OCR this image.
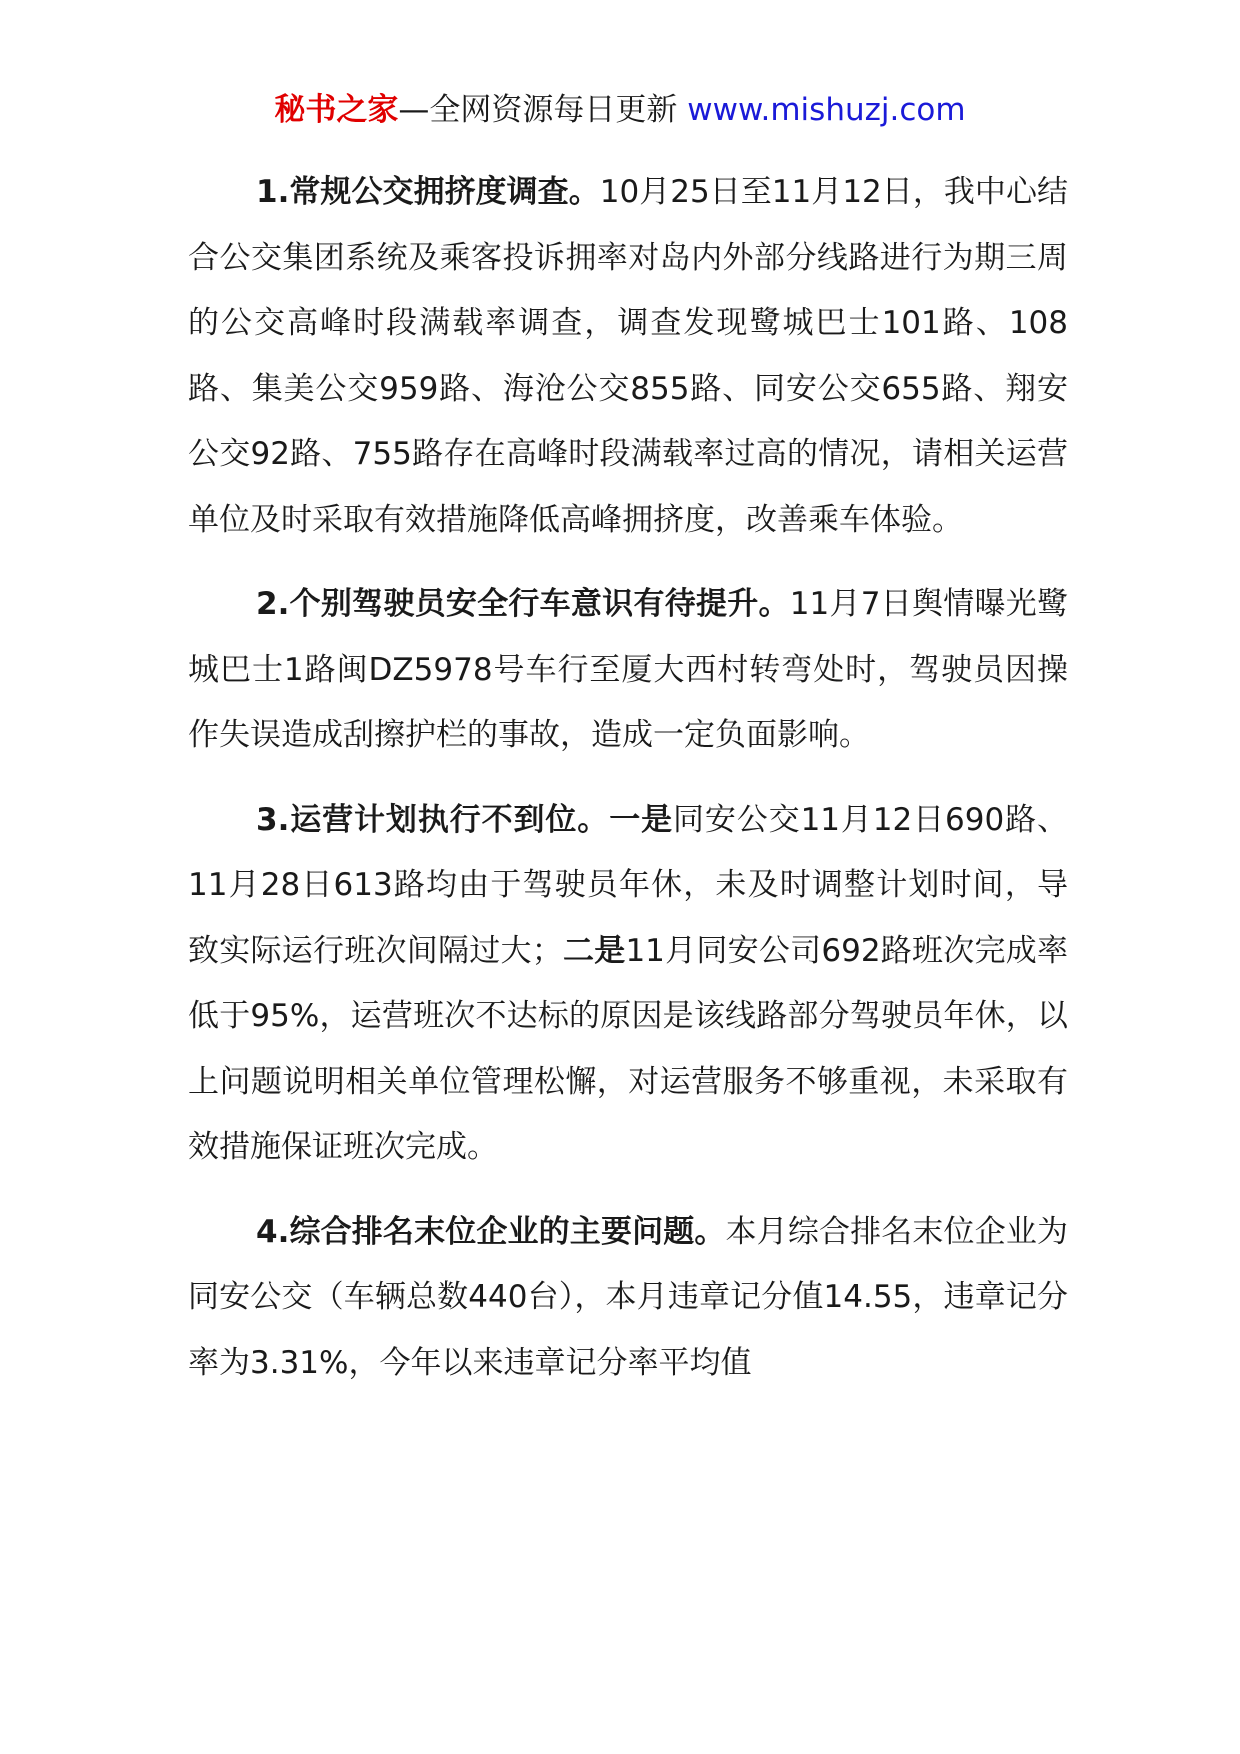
秘书之家—全网资源每日更新 www.mishuzj.com

1.常规公交拥挤度调查。10月25日至11月12日，我中心结合公交集团系统及乘客投诉拥率对岛内外部分线路进行为期三周的公交高峰时段满载率调查，调查发现鹭城巴士101路、108路、集美公交959路、海沧公交855路、同安公交655路、翔安公交92路、755路存在高峰时段满载率过高的情况，请相关运营单位及时采取有效措施降低高峰拥挤度，改善乘车体验。

2.个别驾驶员安全行车意识有待提升。11月7日舆情曝光鹭城巴士1路闽DZ5978号车行至厦大西村转弯处时，驾驶员因操作失误造成刮擦护栏的事故，造成一定负面影响。

3.运营计划执行不到位。一是同安公交11月12日690路、11月28日613路均由于驾驶员年休，未及时调整计划时间，导致实际运行班次间隔过大；二是11月同安公司692路班次完成率低于95%，运营班次不达标的原因是该线路部分驾驶员年休，以上问题说明相关单位管理松懈，对运营服务不够重视，未采取有效措施保证班次完成。

4.综合排名末位企业的主要问题。本月综合排名末位企业为同安公交（车辆总数440台），本月违章记分值14.55，违章记分率为3.31%，今年以来违章记分率平均值
